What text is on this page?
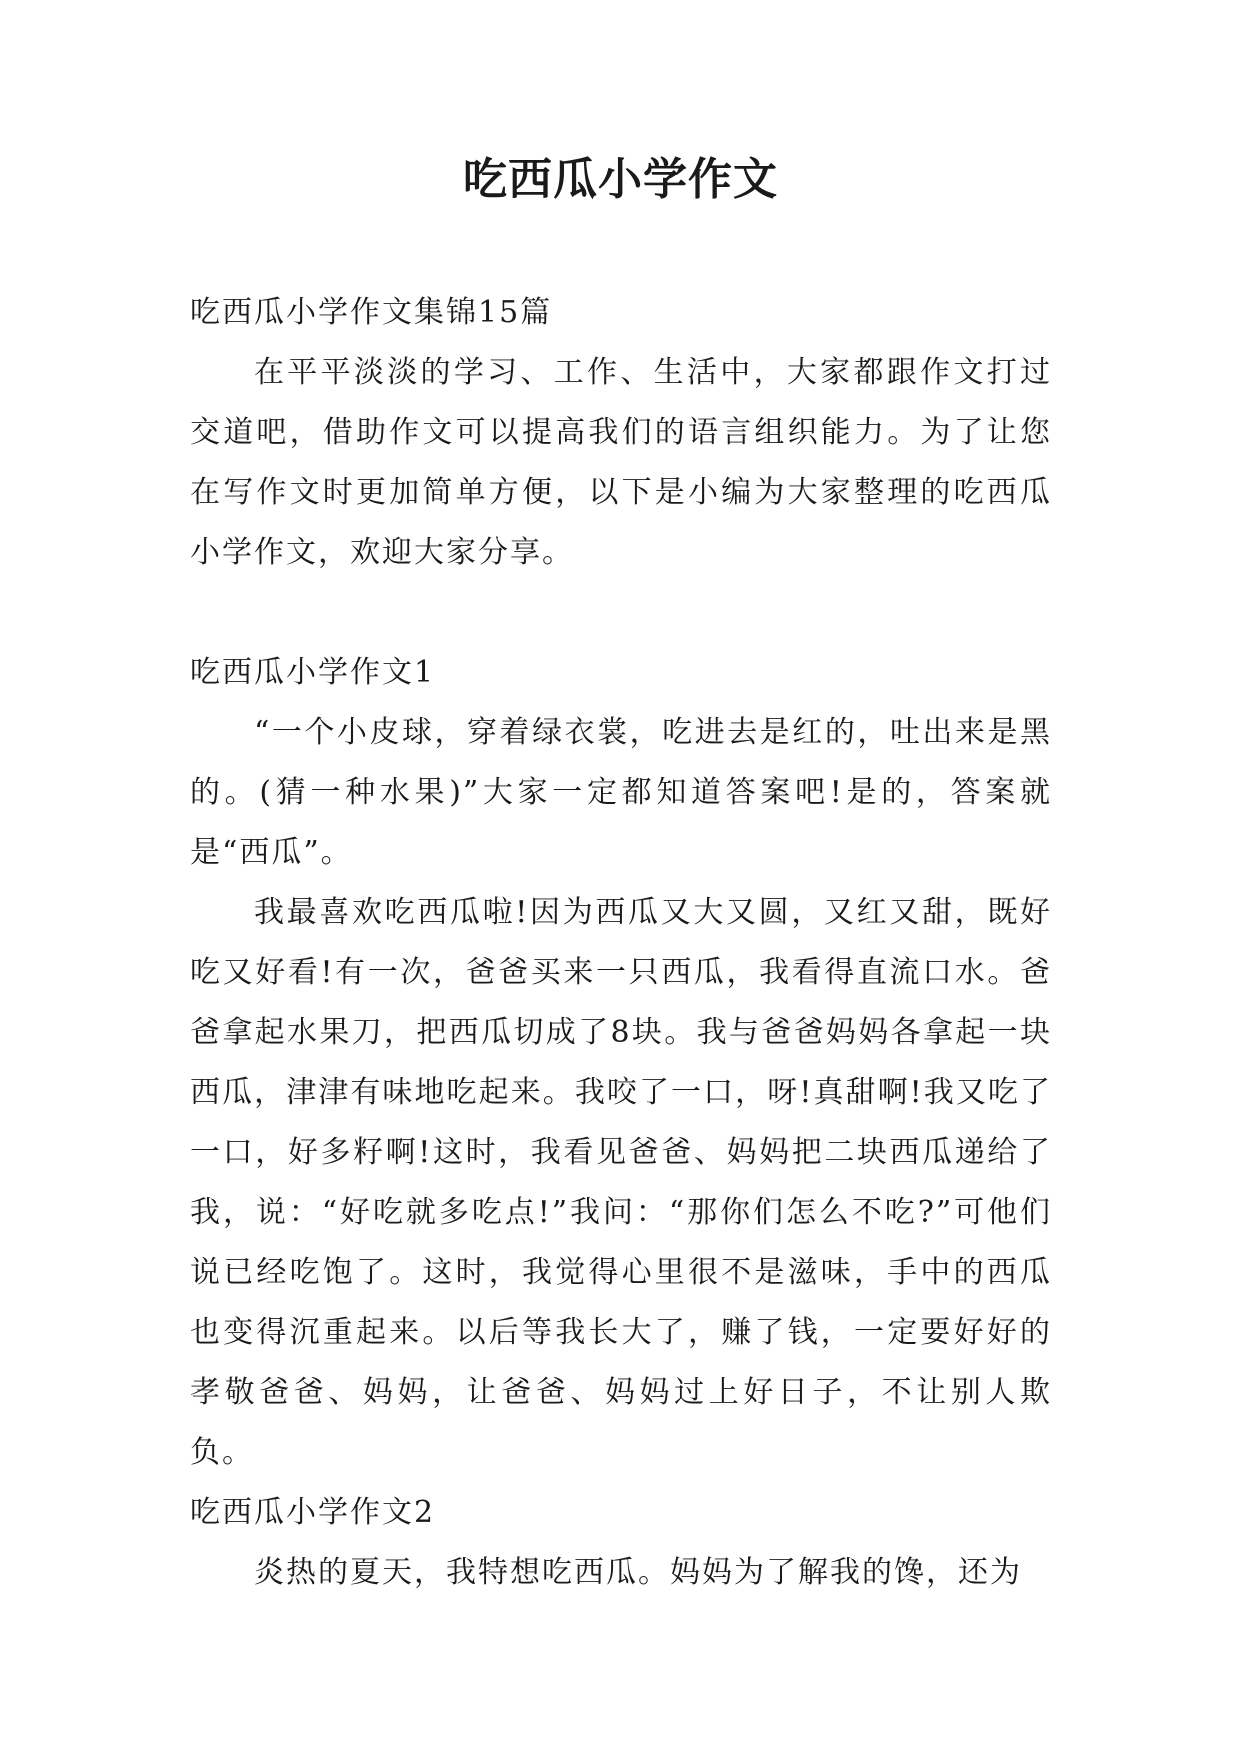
吃西瓜小学作文

吃西瓜小学作文集锦15篇

在平平淡淡的学习、工作、生活中，大家都跟作文打过交道吧，借助作文可以提高我们的语言组织能力。为了让您在写作文时更加简单方便，以下是小编为大家整理的吃西瓜小学作文，欢迎大家分享。

吃西瓜小学作文1

“一个小皮球，穿着绿衣裳，吃进去是红的，吐出来是黑的。(猜一种水果)”大家一定都知道答案吧!是的，答案就是“西瓜”。

我最喜欢吃西瓜啦!因为西瓜又大又圆，又红又甜，既好吃又好看!有一次，爸爸买来一只西瓜，我看得直流口水。爸爸拿起水果刀，把西瓜切成了8块。我与爸爸妈妈各拿起一块西瓜，津津有味地吃起来。我咬了一口，呀!真甜啊!我又吃了一口，好多籽啊!这时，我看见爸爸、妈妈把二块西瓜递给了我，说：“好吃就多吃点!”我问：“那你们怎么不吃?”可他们说已经吃饱了。这时，我觉得心里很不是滋味，手中的西瓜也变得沉重起来。以后等我长大了，赚了钱，一定要好好的孝敬爸爸、妈妈，让爸爸、妈妈过上好日子，不让别人欺负。

吃西瓜小学作文2

炎热的夏天，我特想吃西瓜。妈妈为了解我的馋，还为
